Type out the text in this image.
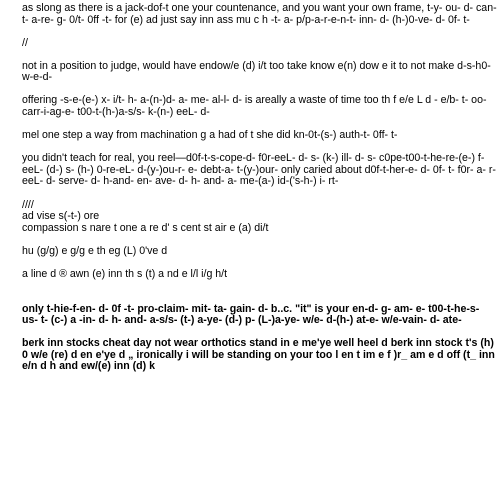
as slong as there is a jack-dof-t one your countenance, and you want your own frame, t-y- ou- d- can- t- a-re- g- 0/t- 0ff -t- for (e) ad just say inn ass mu c h -t- a- p/p-a-r-e-n-t- inn- d- (h-)0-ve- d- 0f- t-

//

not in a position to judge, would have endow/e (d) i/t too take know e(n) dow e it to not make d-s-h0-w-e-d-

offering -s-e-(e-) x- i/t- h- a-(n-)d- a- me- al-l- d- is areally a waste of time too th f e/e L d - e/b- t- oo- carr-i-ag-e- t00-t-(h-)a-s/s- k-(n-) eeL- d-

mel one step a way from machination g a had of t she did kn-0t-(s-) auth-t- 0ff- t-

you didn't teach for real, you reel—d0f-t-s-cope-d- f0r-eeL- d- s- (k-) ill- d- s- c0pe-t00-t-he-re-(e-) f- eeL- (d-) s- (h-) 0-re-eL- d-(y-)ou-r- e- debt-a- t-(y-)our- only caried about d0f-t-her-e- d- 0f- t- f0r- a- r- eeL- d- serve- d- h-and- en- ave- d- h- and- a- me-(a-) id-('s-h-) i- rt-

////
ad vise s(-t-) ore
compassion s nare t one a re d' s cent st air e (a) di/t

hu (g/g) e g/g e th eg (L) 0've d

a line d ® awn (e) inn th s (t) a nd e l/l i/g h/t

only t-hie-f-en- d- 0f -t- pro-claim- mit- ta- gain- d- b..c. "it" is your en-d- g- am- e- t00-t-he-s- us- t- (c-) a -in- d- h- and- a-s/s- (t-) a-ye- (d-) p- (L-)a-ye- w/e- d-(h-) at-e- w/e-vain- d- ate-

berk inn stocks cheat day not wear orthotics stand in e me'ye well heel d berk inn stock t's (h) 0 w/e (re) d en e'ye d „ ironically i will be standing on your too l en t im e f )r_ am e d off (t_ inn e/n d h and ew/(e) inn (d) k
